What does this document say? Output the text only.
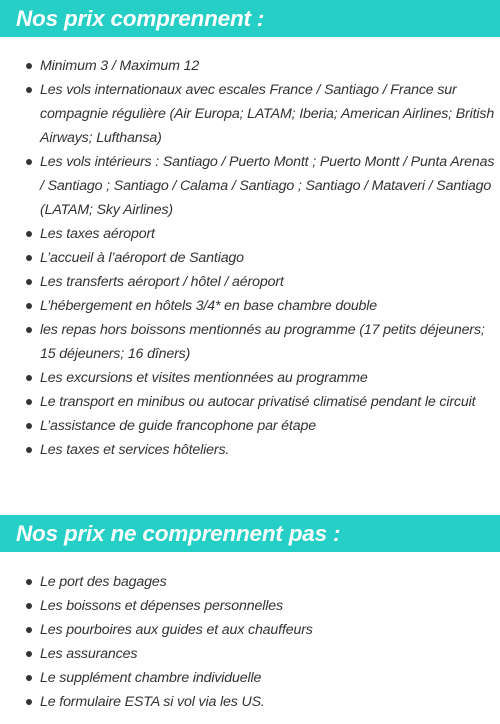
Nos prix comprennent :
Minimum 3 / Maximum 12
Les vols internationaux avec escales France / Santiago / France sur compagnie régulière (Air Europa; LATAM; Iberia; American Airlines; British Airways; Lufthansa)
Les vols intérieurs : Santiago / Puerto Montt ; Puerto Montt / Punta Arenas / Santiago ; Santiago / Calama / Santiago ; Santiago / Mataveri / Santiago (LATAM; Sky Airlines)
Les taxes aéroport
L’accueil à l’aéroport de Santiago
Les transferts aéroport / hôtel / aéroport
L’hébergement en hôtels 3/4* en base chambre double
les repas hors boissons mentionnés au programme (17 petits déjeuners; 15 déjeuners; 16 dîners)
Les excursions et visites mentionnées au programme
Le transport en minibus ou autocar privatisé climatisé pendant le circuit
L’assistance de guide francophone par étape
Les taxes et services hôteliers.
Nos prix ne comprennent pas :
Le port des bagages
Les boissons et dépenses personnelles
Les pourboires aux guides et aux chauffeurs
Les assurances
Le supplément chambre individuelle
Le formulaire ESTA si vol via les US.
